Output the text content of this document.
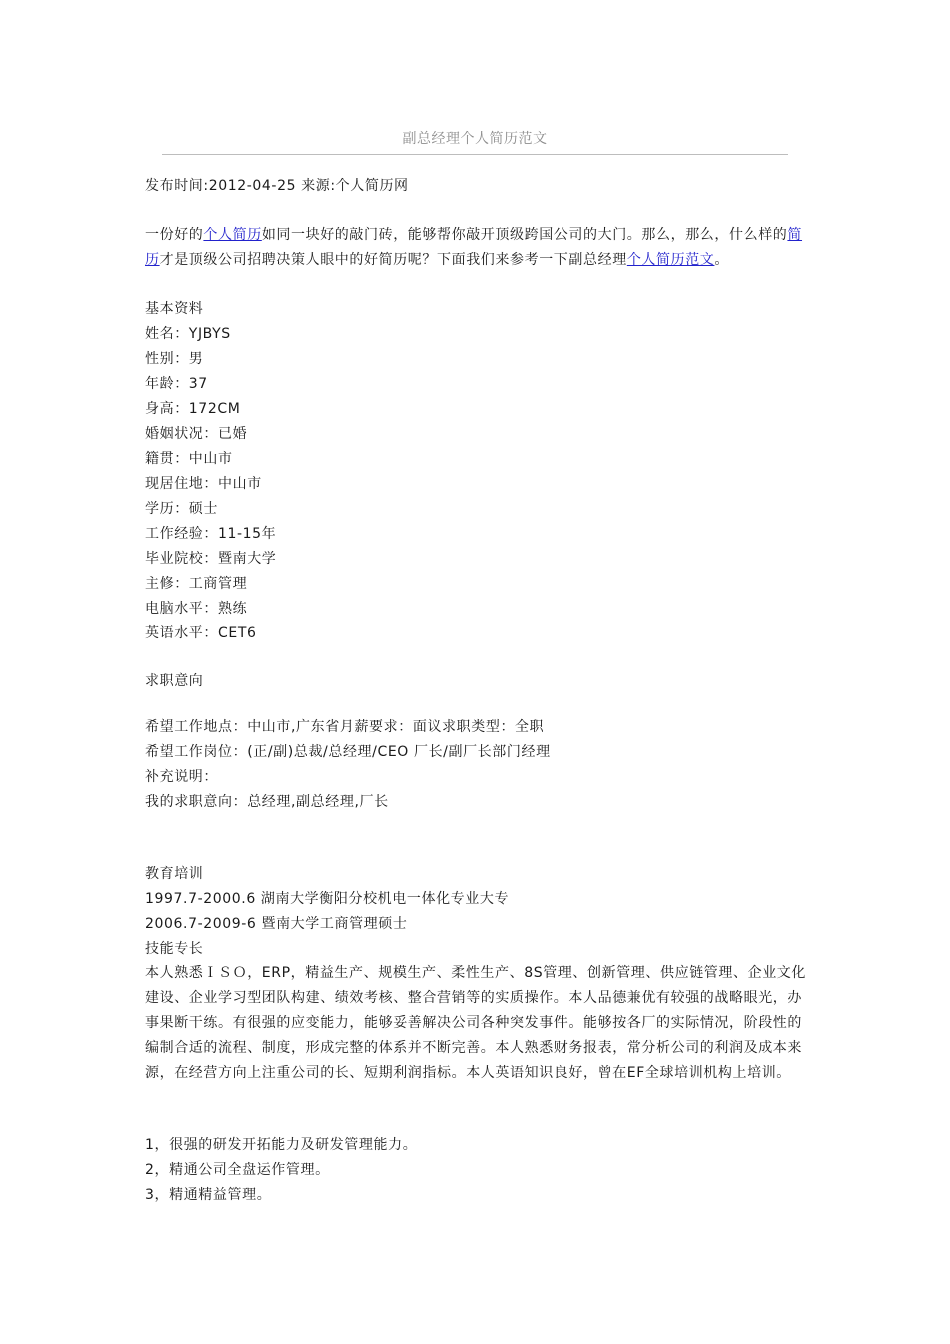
副总经理个人简历范文
发布时间:2012-04-25 来源:个人简历网
一份好的个人简历如同一块好的敲门砖，能够帮你敲开顶级跨国公司的大门。那么，那么，什么样的简历才是顶级公司招聘决策人眼中的好简历呢？下面我们来参考一下副总经理个人简历范文。
基本资料
姓名：YJBYS
性别：男
年龄：37
身高：172CM
婚姻状况：已婚
籍贯：中山市
现居住地：中山市
学历：硕士
工作经验：11-15年
毕业院校：暨南大学
主修：工商管理
电脑水平：熟练
英语水平：CET6
求职意向
希望工作地点：中山市,广东省月薪要求：面议求职类型：全职
希望工作岗位：(正/副)总裁/总经理/CEO 厂长/副厂长部门经理
补充说明：
我的求职意向：总经理,副总经理,厂长
教育培训
1997.7-2000.6 湖南大学衡阳分校机电一体化专业大专
2006.7-2009-6 暨南大学工商管理硕士
技能专长
本人熟悉ＩＳＯ，ERP，精益生产、规模生产、柔性生产、8S管理、创新管理、供应链管理、企业文化建设、企业学习型团队构建、绩效考核、整合营销等的实质操作。本人品德兼优有较强的战略眼光，办事果断干练。有很强的应变能力，能够妥善解决公司各种突发事件。能够按各厂的实际情况，阶段性的编制合适的流程、制度，形成完整的体系并不断完善。本人熟悉财务报表，常分析公司的利润及成本来源，在经营方向上注重公司的长、短期利润指标。本人英语知识良好，曾在EF全球培训机构上培训。
1，很强的研发开拓能力及研发管理能力。
2，精通公司全盘运作管理。
3，精通精益管理。
